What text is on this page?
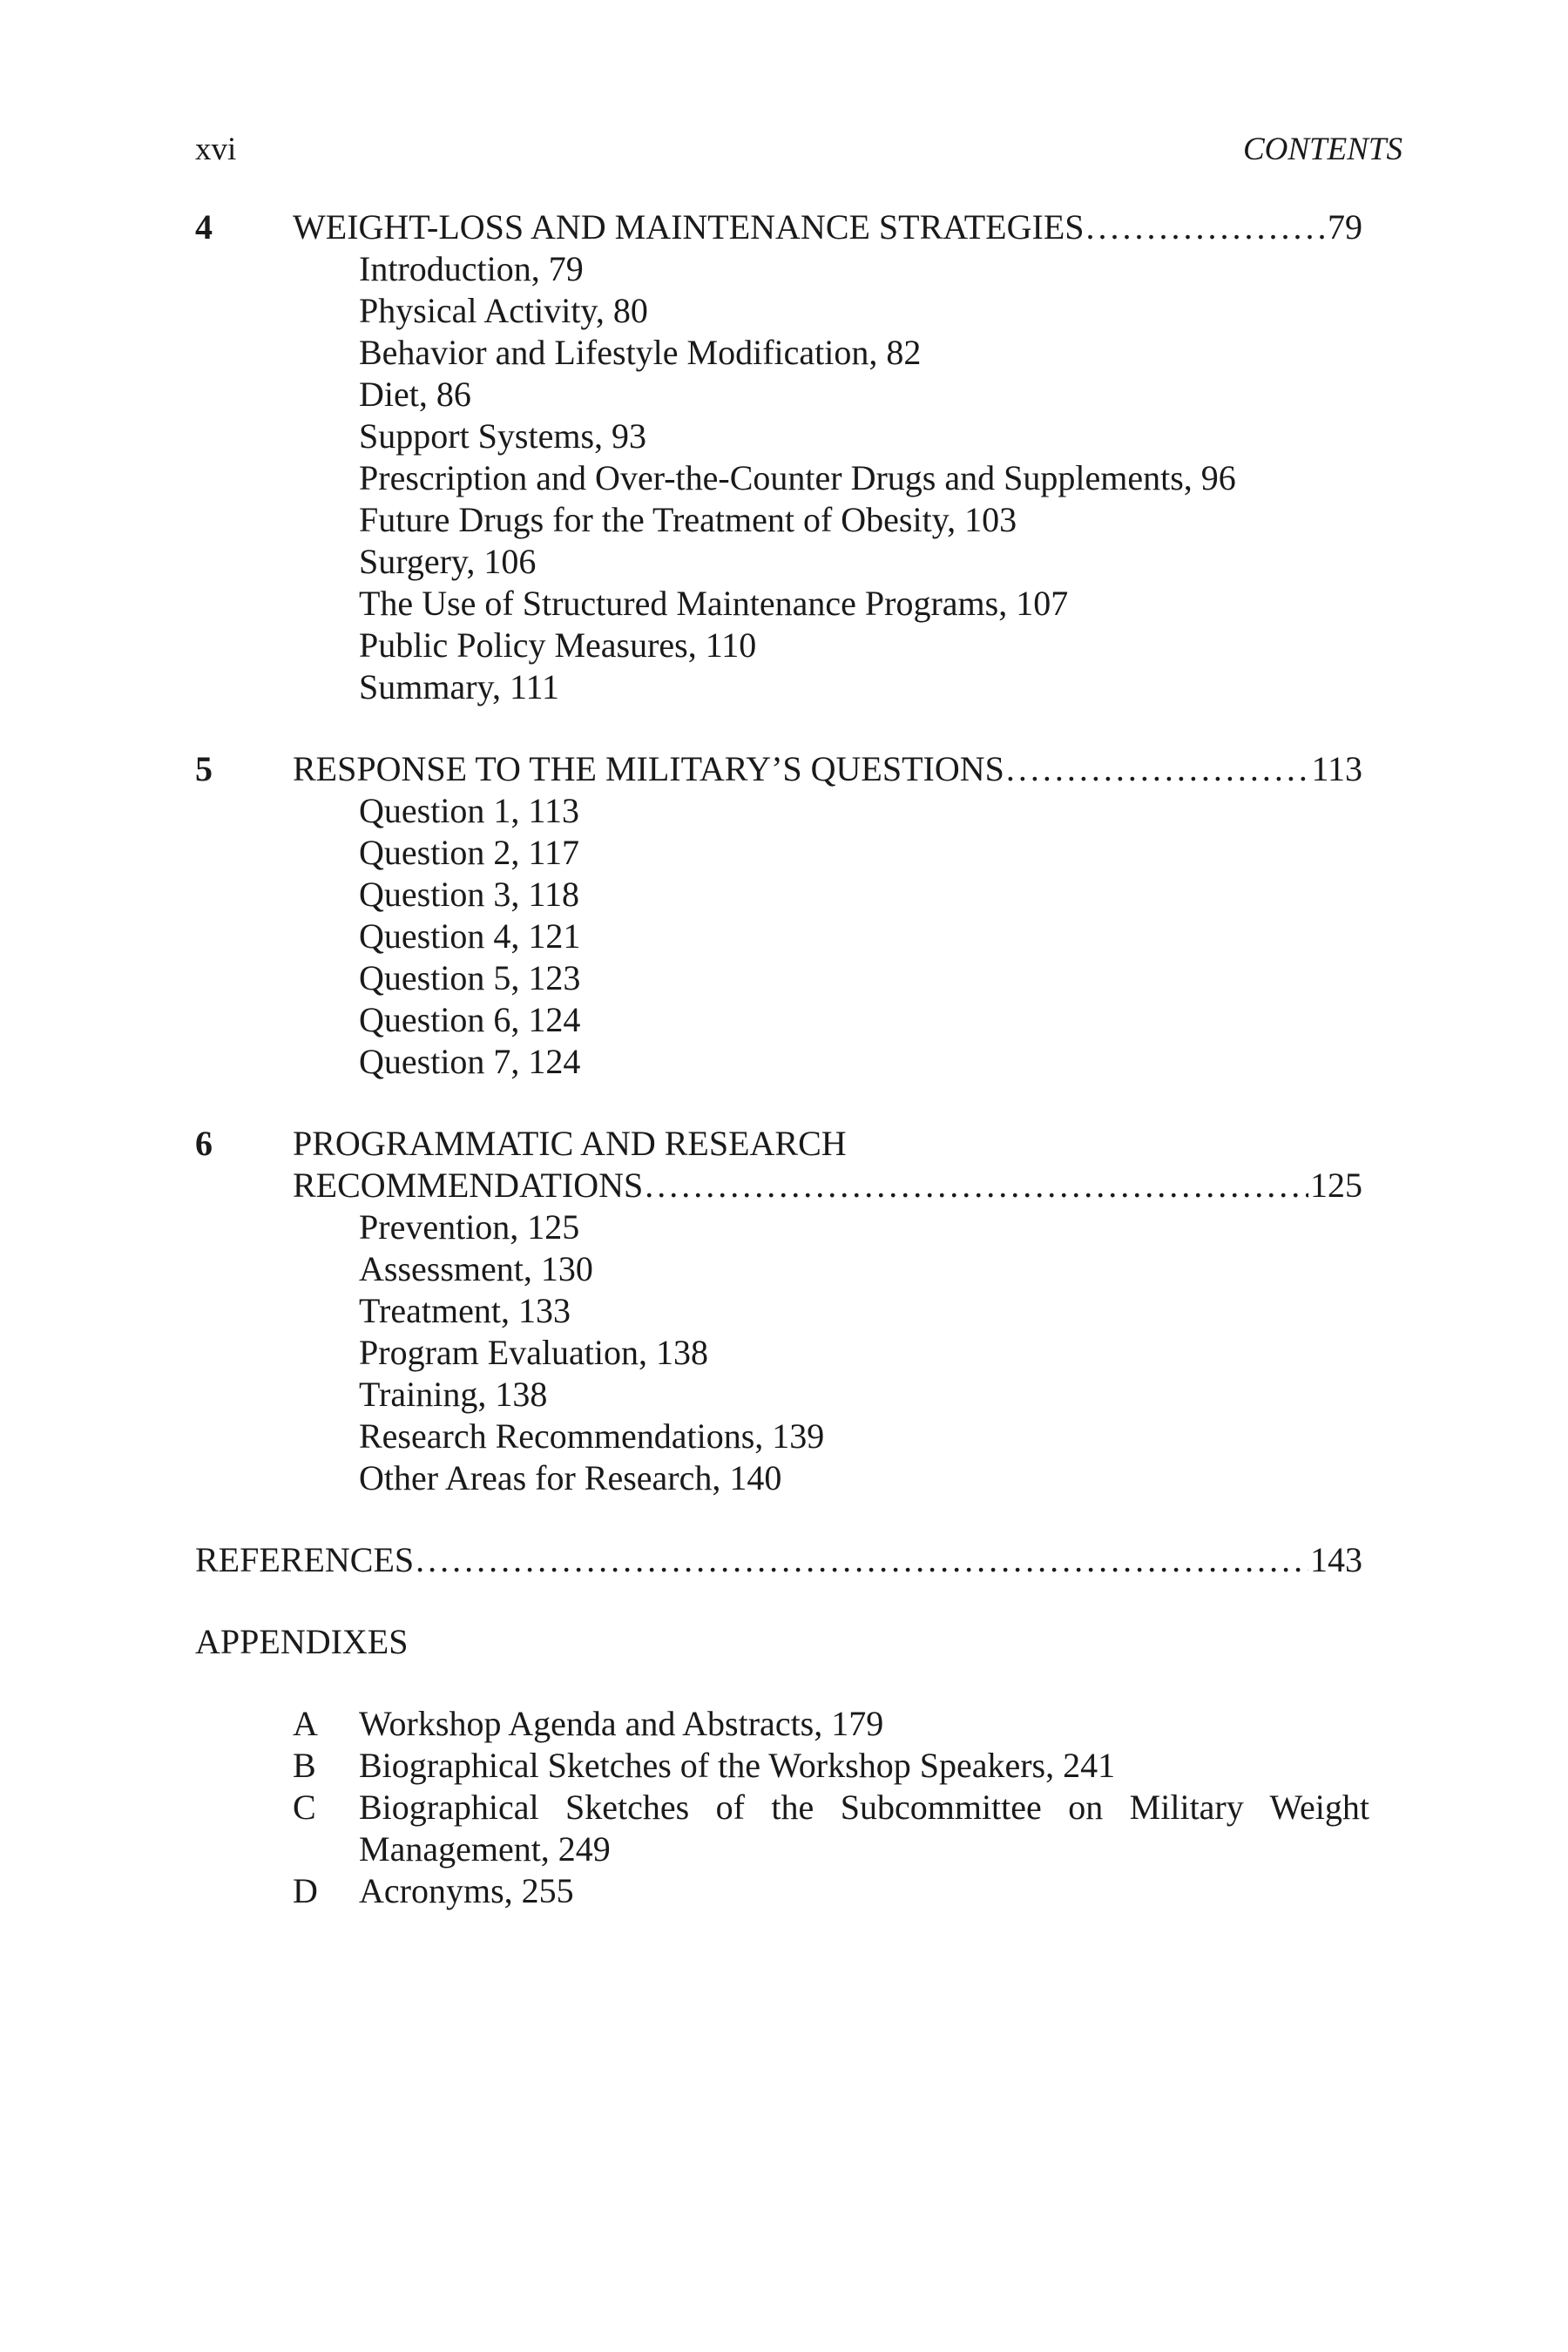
xvi	CONTENTS
4 WEIGHT-LOSS AND MAINTENANCE STRATEGIES .....	79
Introduction, 79
Physical Activity, 80
Behavior and Lifestyle Modification, 82
Diet, 86
Support Systems, 93
Prescription and Over-the-Counter Drugs and Supplements, 96
Future Drugs for the Treatment of Obesity, 103
Surgery, 106
The Use of Structured Maintenance Programs, 107
Public Policy Measures, 110
Summary, 111
5 RESPONSE TO THE MILITARY’S QUESTIONS .....	113
Question 1, 113
Question 2, 117
Question 3, 118
Question 4, 121
Question 5, 123
Question 6, 124
Question 7, 124
6 PROGRAMMATIC AND RESEARCH
RECOMMENDATIONS .....	125
Prevention, 125
Assessment, 130
Treatment, 133
Program Evaluation, 138
Training, 138
Research Recommendations, 139
Other Areas for Research, 140
REFERENCES .....	143
APPENDIXES
A	Workshop Agenda and Abstracts, 179
B	Biographical Sketches of the Workshop Speakers, 241
C	Biographical Sketches of the Subcommittee on Military Weight Management, 249
D	Acronyms, 255
